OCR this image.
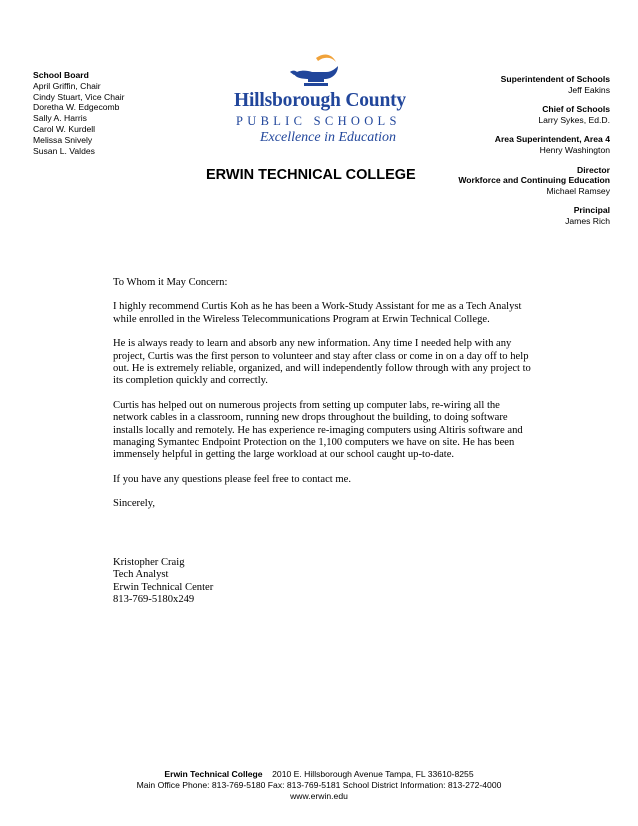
School Board
April Griffin, Chair
Cindy Stuart, Vice Chair
Doretha W. Edgecomb
Sally A. Harris
Carol W. Kurdell
Melissa Snively
Susan L. Valdes
Hillsborough County
PUBLIC SCHOOLS
Excellence in Education
ERWIN TECHNICAL COLLEGE
Superintendent of Schools
Jeff Eakins
Chief of Schools
Larry Sykes, Ed.D.
Area Superintendent, Area 4
Henry Washington
Director
Workforce and Continuing Education
Michael Ramsey
Principal
James Rich

To Whom it May Concern:

I highly recommend Curtis Koh as he has been a Work-Study Assistant for me as a Tech Analyst while enrolled in the Wireless Telecommunications Program at Erwin Technical College.

He is always ready to learn and absorb any new information. Any time I needed help with any project, Curtis was the first person to volunteer and stay after class or come in on a day off to help out. He is extremely reliable, organized, and will independently follow through with any project to its completion quickly and correctly.

Curtis has helped out on numerous projects from setting up computer labs, re-wiring all the network cables in a classroom, running new drops throughout the building, to doing software installs locally and remotely. He has experience re-imaging computers using Altiris software and managing Symantec Endpoint Protection on the 1,100 computers we have on site. He has been immensely helpful in getting the large workload at our school caught up-to-date.

If you have any questions please feel free to contact me.

Sincerely,

Kristopher Craig
Tech Analyst
Erwin Technical Center
813-769-5180x249
Erwin Technical College 2010 E. Hillsborough Avenue Tampa, FL 33610-8255
Main Office Phone: 813-769-5180 Fax: 813-769-5181 School District Information: 813-272-4000
www.erwin.edu
